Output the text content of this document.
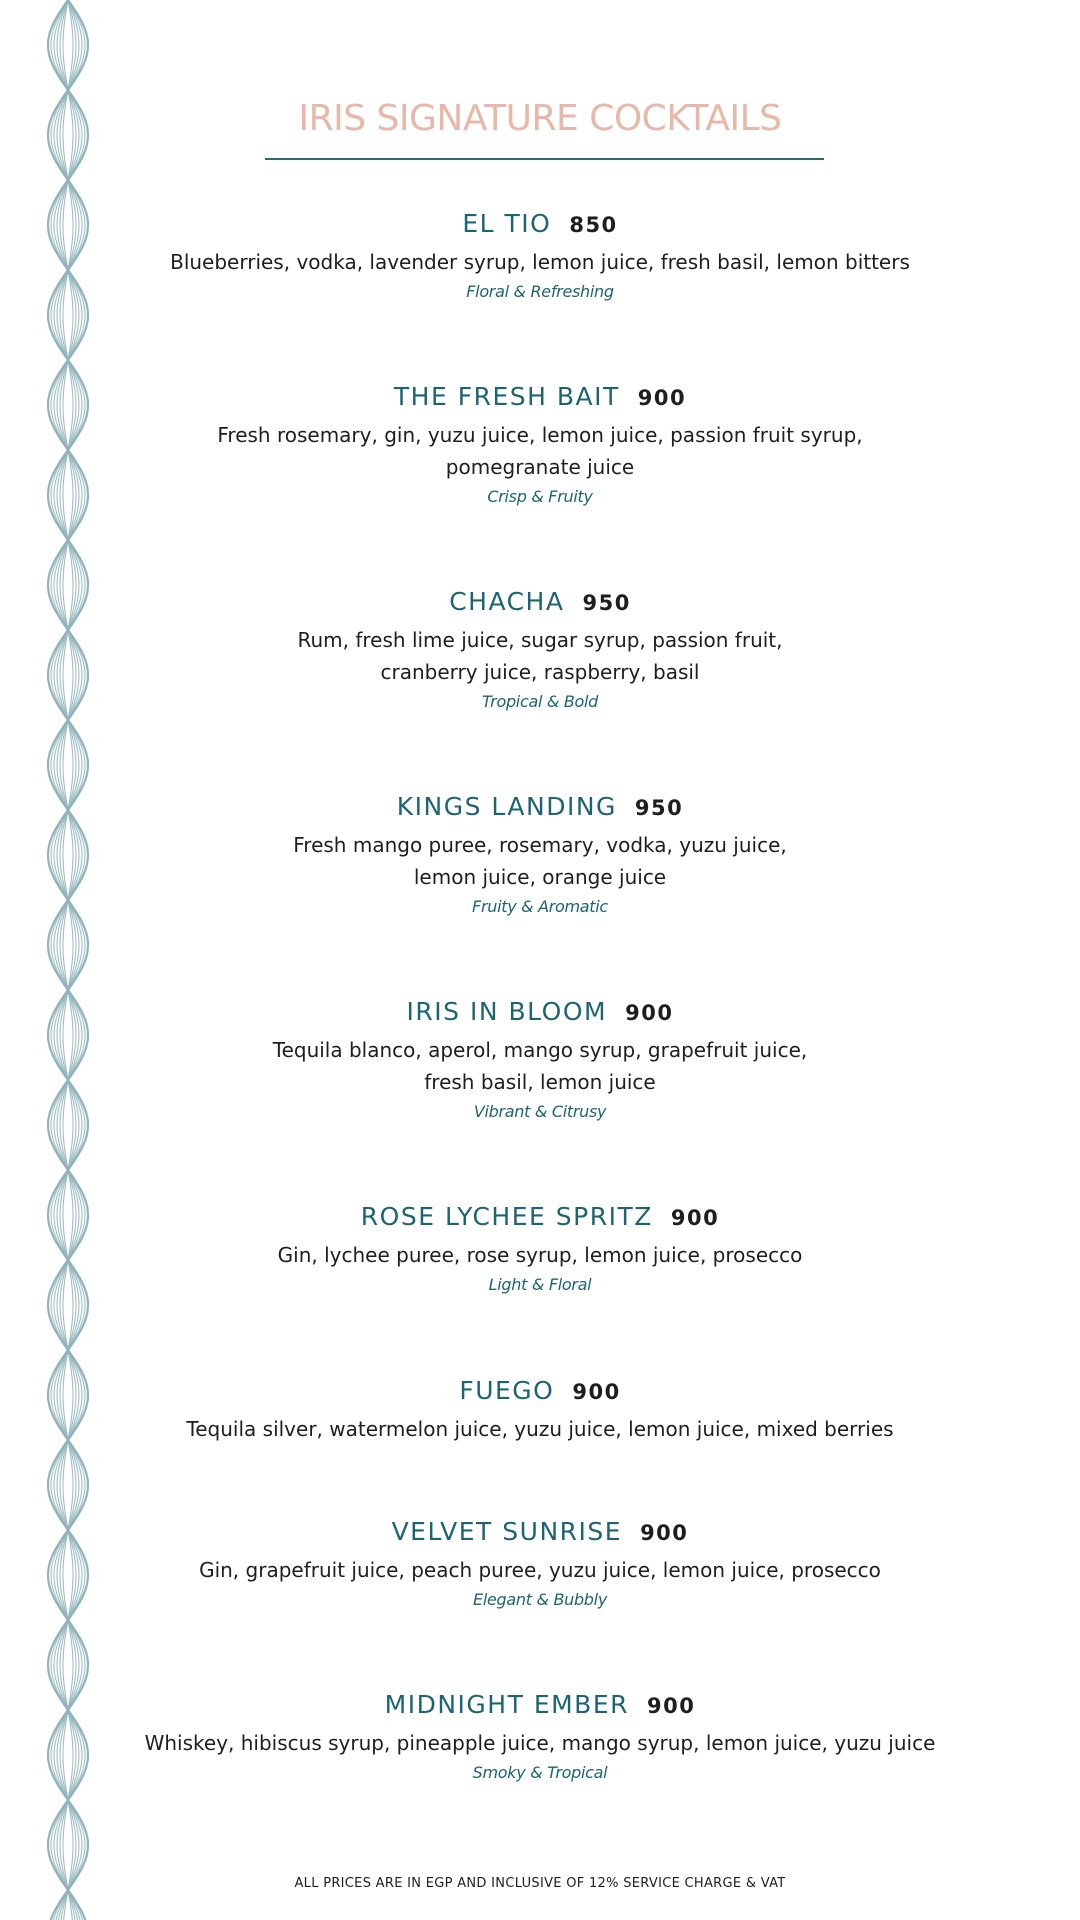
IRIS SIGNATURE COCKTAILS
EL TIO 850
Blueberries, vodka, lavender syrup, lemon juice, fresh basil, lemon bitters
Floral & Refreshing
THE FRESH BAIT 900
Fresh rosemary, gin, yuzu juice, lemon juice, passion fruit syrup,
pomegranate juice
Crisp & Fruity
CHACHA 950
Rum, fresh lime juice, sugar syrup, passion fruit,
cranberry juice, raspberry, basil
Tropical & Bold
KINGS LANDING 950
Fresh mango puree, rosemary, vodka, yuzu juice,
lemon juice, orange juice
Fruity & Aromatic
IRIS IN BLOOM 900
Tequila blanco, aperol, mango syrup, grapefruit juice,
fresh basil, lemon juice
Vibrant & Citrusy
ROSE LYCHEE SPRITZ 900
Gin, lychee puree, rose syrup, lemon juice, prosecco
Light & Floral
FUEGO 900
Tequila silver, watermelon juice, yuzu juice, lemon juice, mixed berries
VELVET SUNRISE 900
Gin, grapefruit juice, peach puree, yuzu juice, lemon juice, prosecco
Elegant & Bubbly
MIDNIGHT EMBER 900
Whiskey, hibiscus syrup, pineapple juice, mango syrup, lemon juice, yuzu juice
Smoky & Tropical
ALL PRICES ARE IN EGP AND INCLUSIVE OF 12% SERVICE CHARGE & VAT
